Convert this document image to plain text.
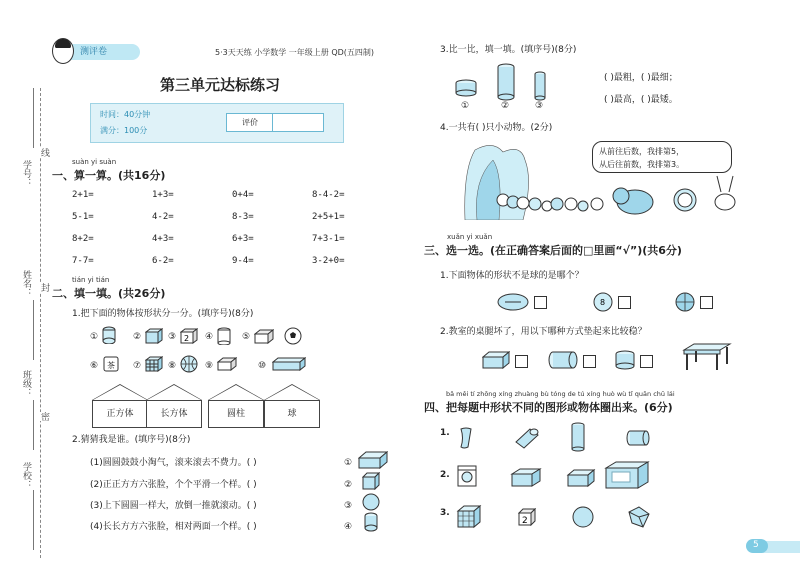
学号：
姓名：
班级：
学校：
线
封
密
测评卷	5·3天天练 小学数学 一年级上册 QD(五四制)
第三单元达标练习
时间：40分钟
满分：100分
评价
suàn yi suàn
一、算一算。(共16分)
2+1=	1+3=	0+4=	8-4-2=
5-1=	4-2=	8-3=	2+5+1=
8+2=	4+3=	6+3=	7+3-1=
7-7=	6-2=	9-4=	3-2+0=
tián yi tián
二、填一填。(共26分)
1.把下面的物体按形状分一分。(填序号)(8分)
①	②	③ 2 ④	⑤
⑥ 茶 ⑦	⑧	⑨	⑩
正方体	长方体	圆柱	球
2.猜猜我是谁。(填序号)(8分)
(1)圆圆鼓鼓小淘气，滚来滚去不费力。( )
(2)正正方方六张脸，个个平滑一个样。( )
(3)上下圆圆一样大，放倒一推就滚动。( )
(4)长长方方六张脸，相对两面一个样。( )
①
②
③
④
3.比一比，填一填。(填序号)(8分)
①	②	③
( )最粗，( )最细；
( )最高，( )最矮。
4.一共有( )只小动物。(2分)
从前往后数，我排第5，
从后往前数，我排第3。
xuǎn yi xuǎn
三、选一选。(在正确答案后面的□里画“√”)(共6分)
1.下面物体的形状不是球的是哪个？
8
2.教室的桌腿坏了，用以下哪种方式垫起来比较稳？
bǎ měi tí zhōng xíng zhuàng bù tóng de tú xíng huò wù tǐ quān chū lái
四、把每题中形状不同的图形或物体圈出来。(6分)
1.
2.
3.
2
5
